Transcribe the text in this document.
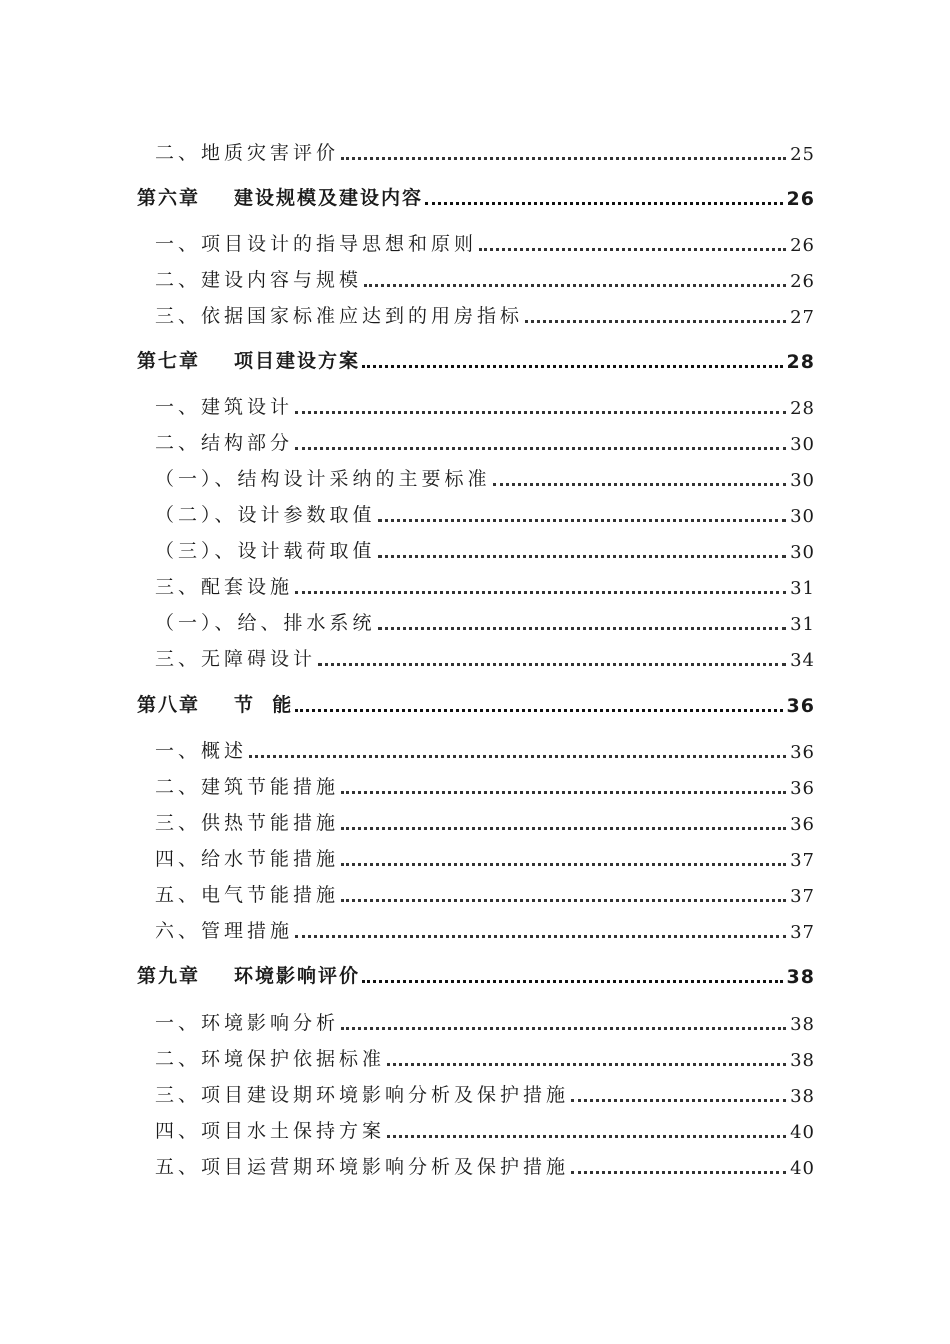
二、地质灾害评价	25
第六章 建设规模及建设内容	26
一、项目设计的指导思想和原则	26
二、建设内容与规模	26
三、依据国家标准应达到的用房指标	27
第七章 项目建设方案	28
一、建筑设计	28
二、结构部分	30
（一）、结构设计采纳的主要标准	30
（二）、设计参数取值	30
（三）、设计载荷取值	30
三、配套设施	31
（一）、给、排水系统	31
三、无障碍设计	34
第八章 节  能	36
一、概述	36
二、建筑节能措施	36
三、供热节能措施	36
四、给水节能措施	37
五、电气节能措施	37
六、管理措施	37
第九章 环境影响评价	38
一、环境影响分析	38
二、环境保护依据标准	38
三、项目建设期环境影响分析及保护措施	38
四、项目水土保持方案	40
五、项目运营期环境影响分析及保护措施	40
